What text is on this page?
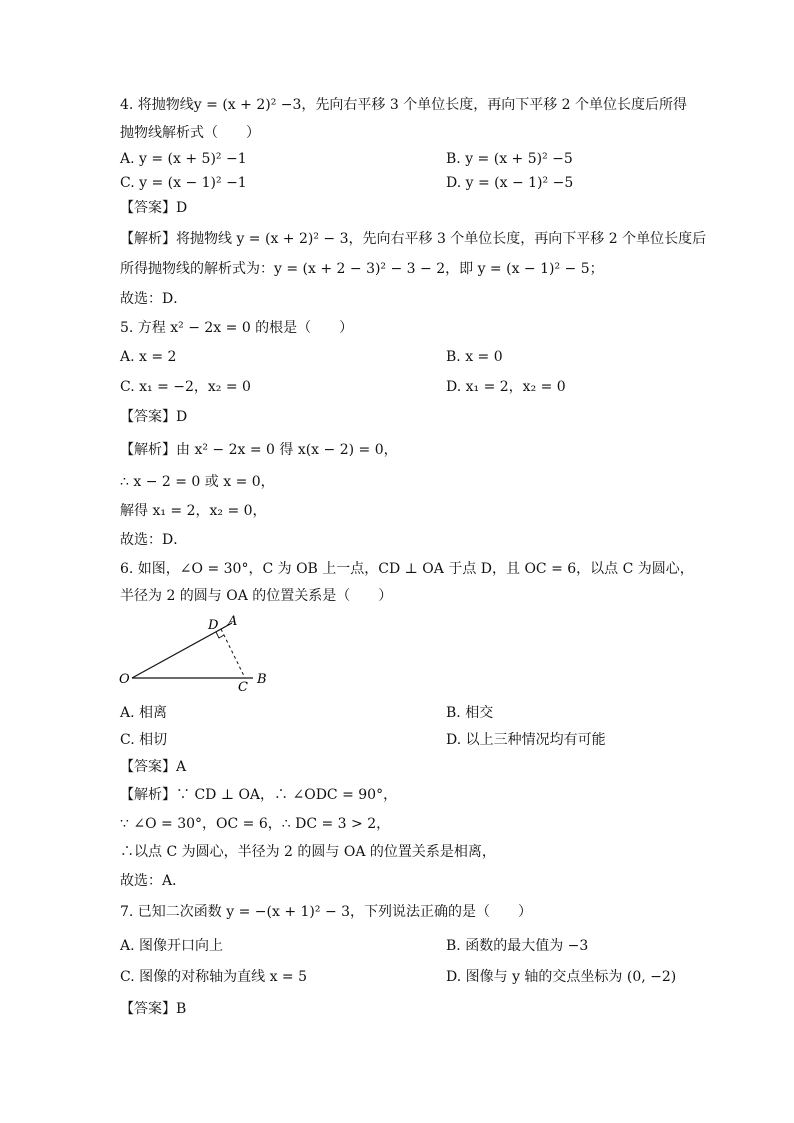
4. 将抛物线y = (x + 2)² −3，先向右平移 3 个单位长度，再向下平移 2 个单位长度后所得
抛物线解析式（　　）
A. y = (x + 5)² −1	B. y = (x + 5)² −5
C. y = (x − 1)² −1	D. y = (x − 1)² −5
【答案】D
【解析】将抛物线 y = (x + 2)² − 3，先向右平移 3 个单位长度，再向下平移 2 个单位长度后
所得抛物线的解析式为：y = (x + 2 − 3)² − 3 − 2，即 y = (x − 1)² − 5；
故选：D．
5. 方程 x² − 2x = 0 的根是（　　）
A. x = 2	B. x = 0
C. x₁ = −2，x₂ = 0	D. x₁ = 2，x₂ = 0
【答案】D
【解析】由 x² − 2x = 0 得 x(x − 2) = 0，
∴ x − 2 = 0 或 x = 0，
解得 x₁ = 2，x₂ = 0，
故选：D．
6. 如图，∠O = 30°，C 为 OB 上一点，CD ⊥ OA 于点 D，且 OC = 6，以点 C 为圆心，
半径为 2 的圆与 OA 的位置关系是（　　）
O
A
D
B
C
A. 相离	B. 相交
C. 相切	D. 以上三种情况均有可能
【答案】A
【解析】∵ CD ⊥ OA，∴ ∠ODC = 90°，
∵ ∠O = 30°，OC = 6，∴ DC = 3 > 2，
∴以点 C 为圆心，半径为 2 的圆与 OA 的位置关系是相离，
故选：A．
7. 已知二次函数 y = −(x + 1)² − 3，下列说法正确的是（　　）
A. 图像开口向上	B. 函数的最大值为 −3
C. 图像的对称轴为直线 x = 5	D. 图像与 y 轴的交点坐标为 (0, −2)
【答案】B
